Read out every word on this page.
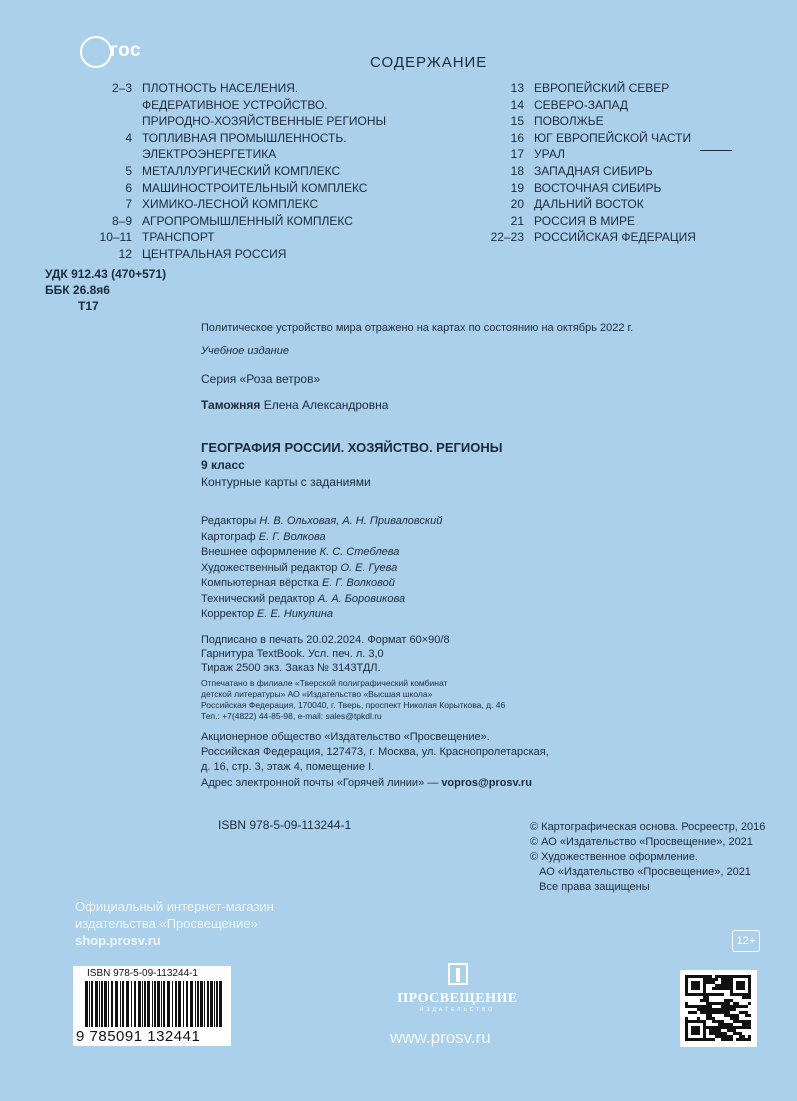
гос
СОДЕРЖАНИЕ
2–3 ПЛОТНОСТЬ НАСЕЛЕНИЯ.
ФЕДЕРАТИВНОЕ УСТРОЙСТВО.
ПРИРОДНО-ХОЗЯЙСТВЕННЫЕ РЕГИОНЫ
4 ТОПЛИВНАЯ ПРОМЫШЛЕННОСТЬ.
ЭЛЕКТРОЭНЕРГЕТИКА
5 МЕТАЛЛУРГИЧЕСКИЙ КОМПЛЕКС
6 МАШИНОСТРОИТЕЛЬНЫЙ КОМПЛЕКС
7 ХИМИКО-ЛЕСНОЙ КОМПЛЕКС
8–9 АГРОПРОМЫШЛЕННЫЙ КОМПЛЕКС
10–11 ТРАНСПОРТ
12 ЦЕНТРАЛЬНАЯ РОССИЯ
13 ЕВРОПЕЙСКИЙ СЕВЕР
14 СЕВЕРО-ЗАПАД
15 ПОВОЛЖЬЕ
16 ЮГ ЕВРОПЕЙСКОЙ ЧАСТИ
17 УРАЛ
18 ЗАПАДНАЯ СИБИРЬ
19 ВОСТОЧНАЯ СИБИРЬ
20 ДАЛЬНИЙ ВОСТОК
21 РОССИЯ В МИРЕ
22–23 РОССИЙСКАЯ ФЕДЕРАЦИЯ
УДК 912.43 (470+571)
ББК 26.8я6
Т17
Политическое устройство мира отражено на картах по состоянию на октябрь 2022 г.
Учебное издание
Серия «Роза ветров»
Таможняя Елена Александровна
ГЕОГРАФИЯ РОССИИ. ХОЗЯЙСТВО. РЕГИОНЫ
9 класс
Контурные карты с заданиями
Редакторы Н. В. Ольховая, А. Н. Приваловский
Картограф Е. Г. Волкова
Внешнее оформление К. С. Стеблева
Художественный редактор О. Е. Гуева
Компьютерная вёрстка Е. Г. Волковой
Технический редактор А. А. Боровикова
Корректор Е. Е. Никулина
Подписано в печать 20.02.2024. Формат 60×90/8
Гарнитура TextBook. Усл. печ. л. 3,0
Тираж 2500 экз. Заказ № 3143ТДЛ.
Отпечатано в филиале «Тверской полиграфический комбинат
детской литературы» АО «Издательство «Высшая школа»
Российская Федерация, 170040, г. Тверь, проспект Николая Корыткова, д. 46
Тел.: +7(4822) 44-85-98, e-mail: sales@tpkdl.ru
Акционерное общество «Издательство «Просвещение».
Российская Федерация, 127473, г. Москва, ул. Краснопролетарская,
д. 16, стр. 3, этаж 4, помещение I.
Адрес электронной почты «Горячей линии» — vopros@prosv.ru
ISBN 978-5-09-113244-1	© Картографическая основа. Росреестр, 2016
© АО «Издательство «Просвещение», 2021
© Художественное оформление.
АО «Издательство «Просвещение», 2021
Все права защищены
Официальный интернет-магазин
издательства «Просвещение»
shop.prosv.ru	12+
ISBN 978-5-09-113244-1
9 785091 132441
ПРОСВЕЩЕНИЕ
ИЗДАТЕЛЬСТВО
www.prosv.ru
